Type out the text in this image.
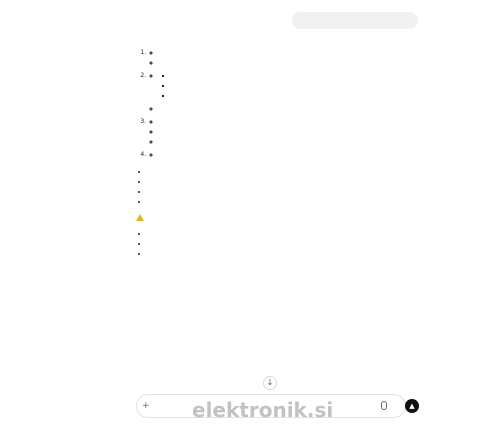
1.
◦
◦
2.
◦
▪
▪
▪
◦
3.
◦
◦
◦
4.
◦

•
•
•
•

•
•
•
↓
+	▲
elektronik.si
